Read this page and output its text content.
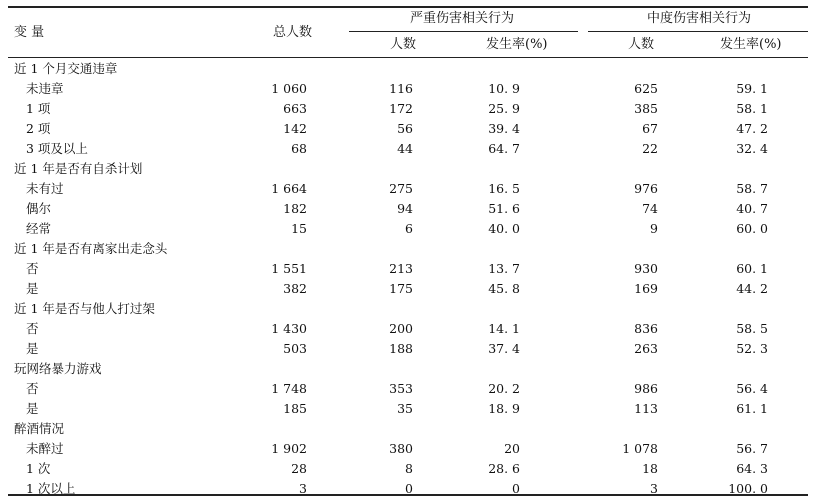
变 量	总人数
严重伤害相关行为	中度伤害相关行为
人数	发生率(%)	人数	发生率(%)
近 1 个月交通违章
未违章	1 060	116	10. 9	625	59. 1
1 项	663	172	25. 9	385	58. 1
2 项	142	56	39. 4	67	47. 2
3 项及以上	68	44	64. 7	22	32. 4
近 1 年是否有自杀计划
未有过	1 664	275	16. 5	976	58. 7
偶尔	182	94	51. 6	74	40. 7
经常	15	6	40. 0	9	60. 0
近 1 年是否有离家出走念头
否	1 551	213	13. 7	930	60. 1
是	382	175	45. 8	169	44. 2
近 1 年是否与他人打过架
否	1 430	200	14. 1	836	58. 5
是	503	188	37. 4	263	52. 3
玩网络暴力游戏
否	1 748	353	20. 2	986	56. 4
是	185	35	18. 9	113	61. 1
醉酒情况
未醉过	1 902	380	20	1 078	56. 7
1 次	28	8	28. 6	18	64. 3
1 次以上	3	0	0	3	100. 0
